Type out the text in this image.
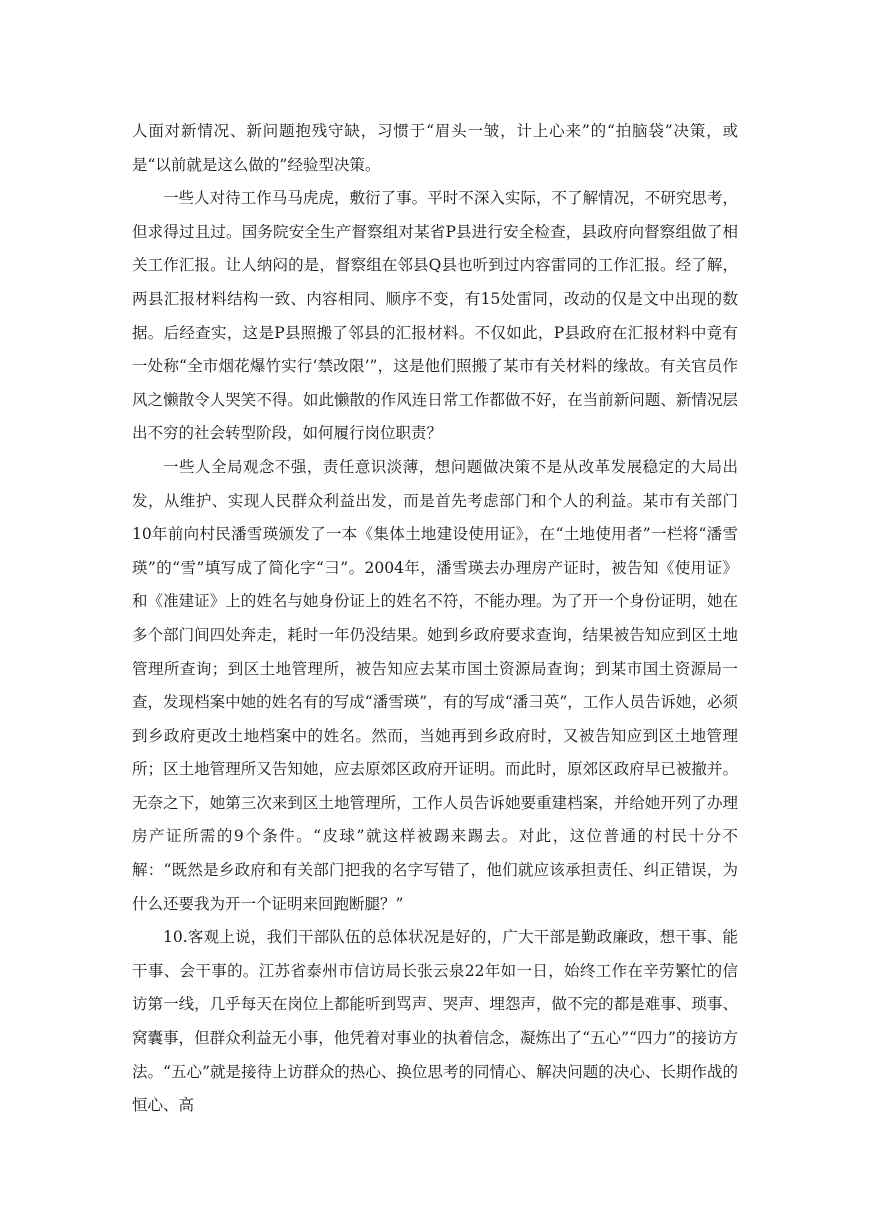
人面对新情况、新问题抱残守缺，习惯于“眉头一皱，计上心来”的“拍脑袋”决策，或是“以前就是这么做的”经验型决策。

一些人对待工作马马虎虎，敷衍了事。平时不深入实际，不了解情况，不研究思考，但求得过且过。国务院安全生产督察组对某省P县进行安全检查，县政府向督察组做了相关工作汇报。让人纳闷的是，督察组在邻县Q县也听到过内容雷同的工作汇报。经了解，两县汇报材料结构一致、内容相同、顺序不变，有15处雷同，改动的仅是文中出现的数据。后经查实，这是P县照搬了邻县的汇报材料。不仅如此，P县政府在汇报材料中竟有一处称“全市烟花爆竹实行‘禁改限’”，这是他们照搬了某市有关材料的缘故。有关官员作风之懒散令人哭笑不得。如此懒散的作风连日常工作都做不好，在当前新问题、新情况层出不穷的社会转型阶段，如何履行岗位职责？

一些人全局观念不强，责任意识淡薄，想问题做决策不是从改革发展稳定的大局出发，从维护、实现人民群众利益出发，而是首先考虑部门和个人的利益。某市有关部门10年前向村民潘雪瑛颁发了一本《集体土地建设使用证》，在“土地使用者”一栏将“潘雪瑛”的“雪”填写成了简化字“彐”。2004年，潘雪瑛去办理房产证时，被告知《使用证》和《准建证》上的姓名与她身份证上的姓名不符，不能办理。为了开一个身份证明，她在多个部门间四处奔走，耗时一年仍没结果。她到乡政府要求查询，结果被告知应到区土地管理所查询；到区土地管理所，被告知应去某市国土资源局查询；到某市国土资源局一查，发现档案中她的姓名有的写成“潘雪瑛”，有的写成“潘彐英”，工作人员告诉她，必须到乡政府更改土地档案中的姓名。然而，当她再到乡政府时，又被告知应到区土地管理所；区土地管理所又告知她，应去原郊区政府开证明。而此时，原郊区政府早已被撤并。无奈之下，她第三次来到区土地管理所，工作人员告诉她要重建档案，并给她开列了办理房产证所需的9个条件。“皮球”就这样被踢来踢去。对此，这位普通的村民十分不解：“既然是乡政府和有关部门把我的名字写错了，他们就应该承担责任、纠正错误，为什么还要我为开一个证明来回跑断腿？”

10.客观上说，我们干部队伍的总体状况是好的，广大干部是勤政廉政，想干事、能干事、会干事的。江苏省泰州市信访局长张云泉22年如一日，始终工作在辛劳繁忙的信访第一线，几乎每天在岗位上都能听到骂声、哭声、埋怨声，做不完的都是难事、琐事、窝囊事，但群众利益无小事，他凭着对事业的执着信念，凝炼出了“五心”“四力”的接访方法。“五心”就是接待上访群众的热心、换位思考的同情心、解决问题的决心、长期作战的恒心、高
